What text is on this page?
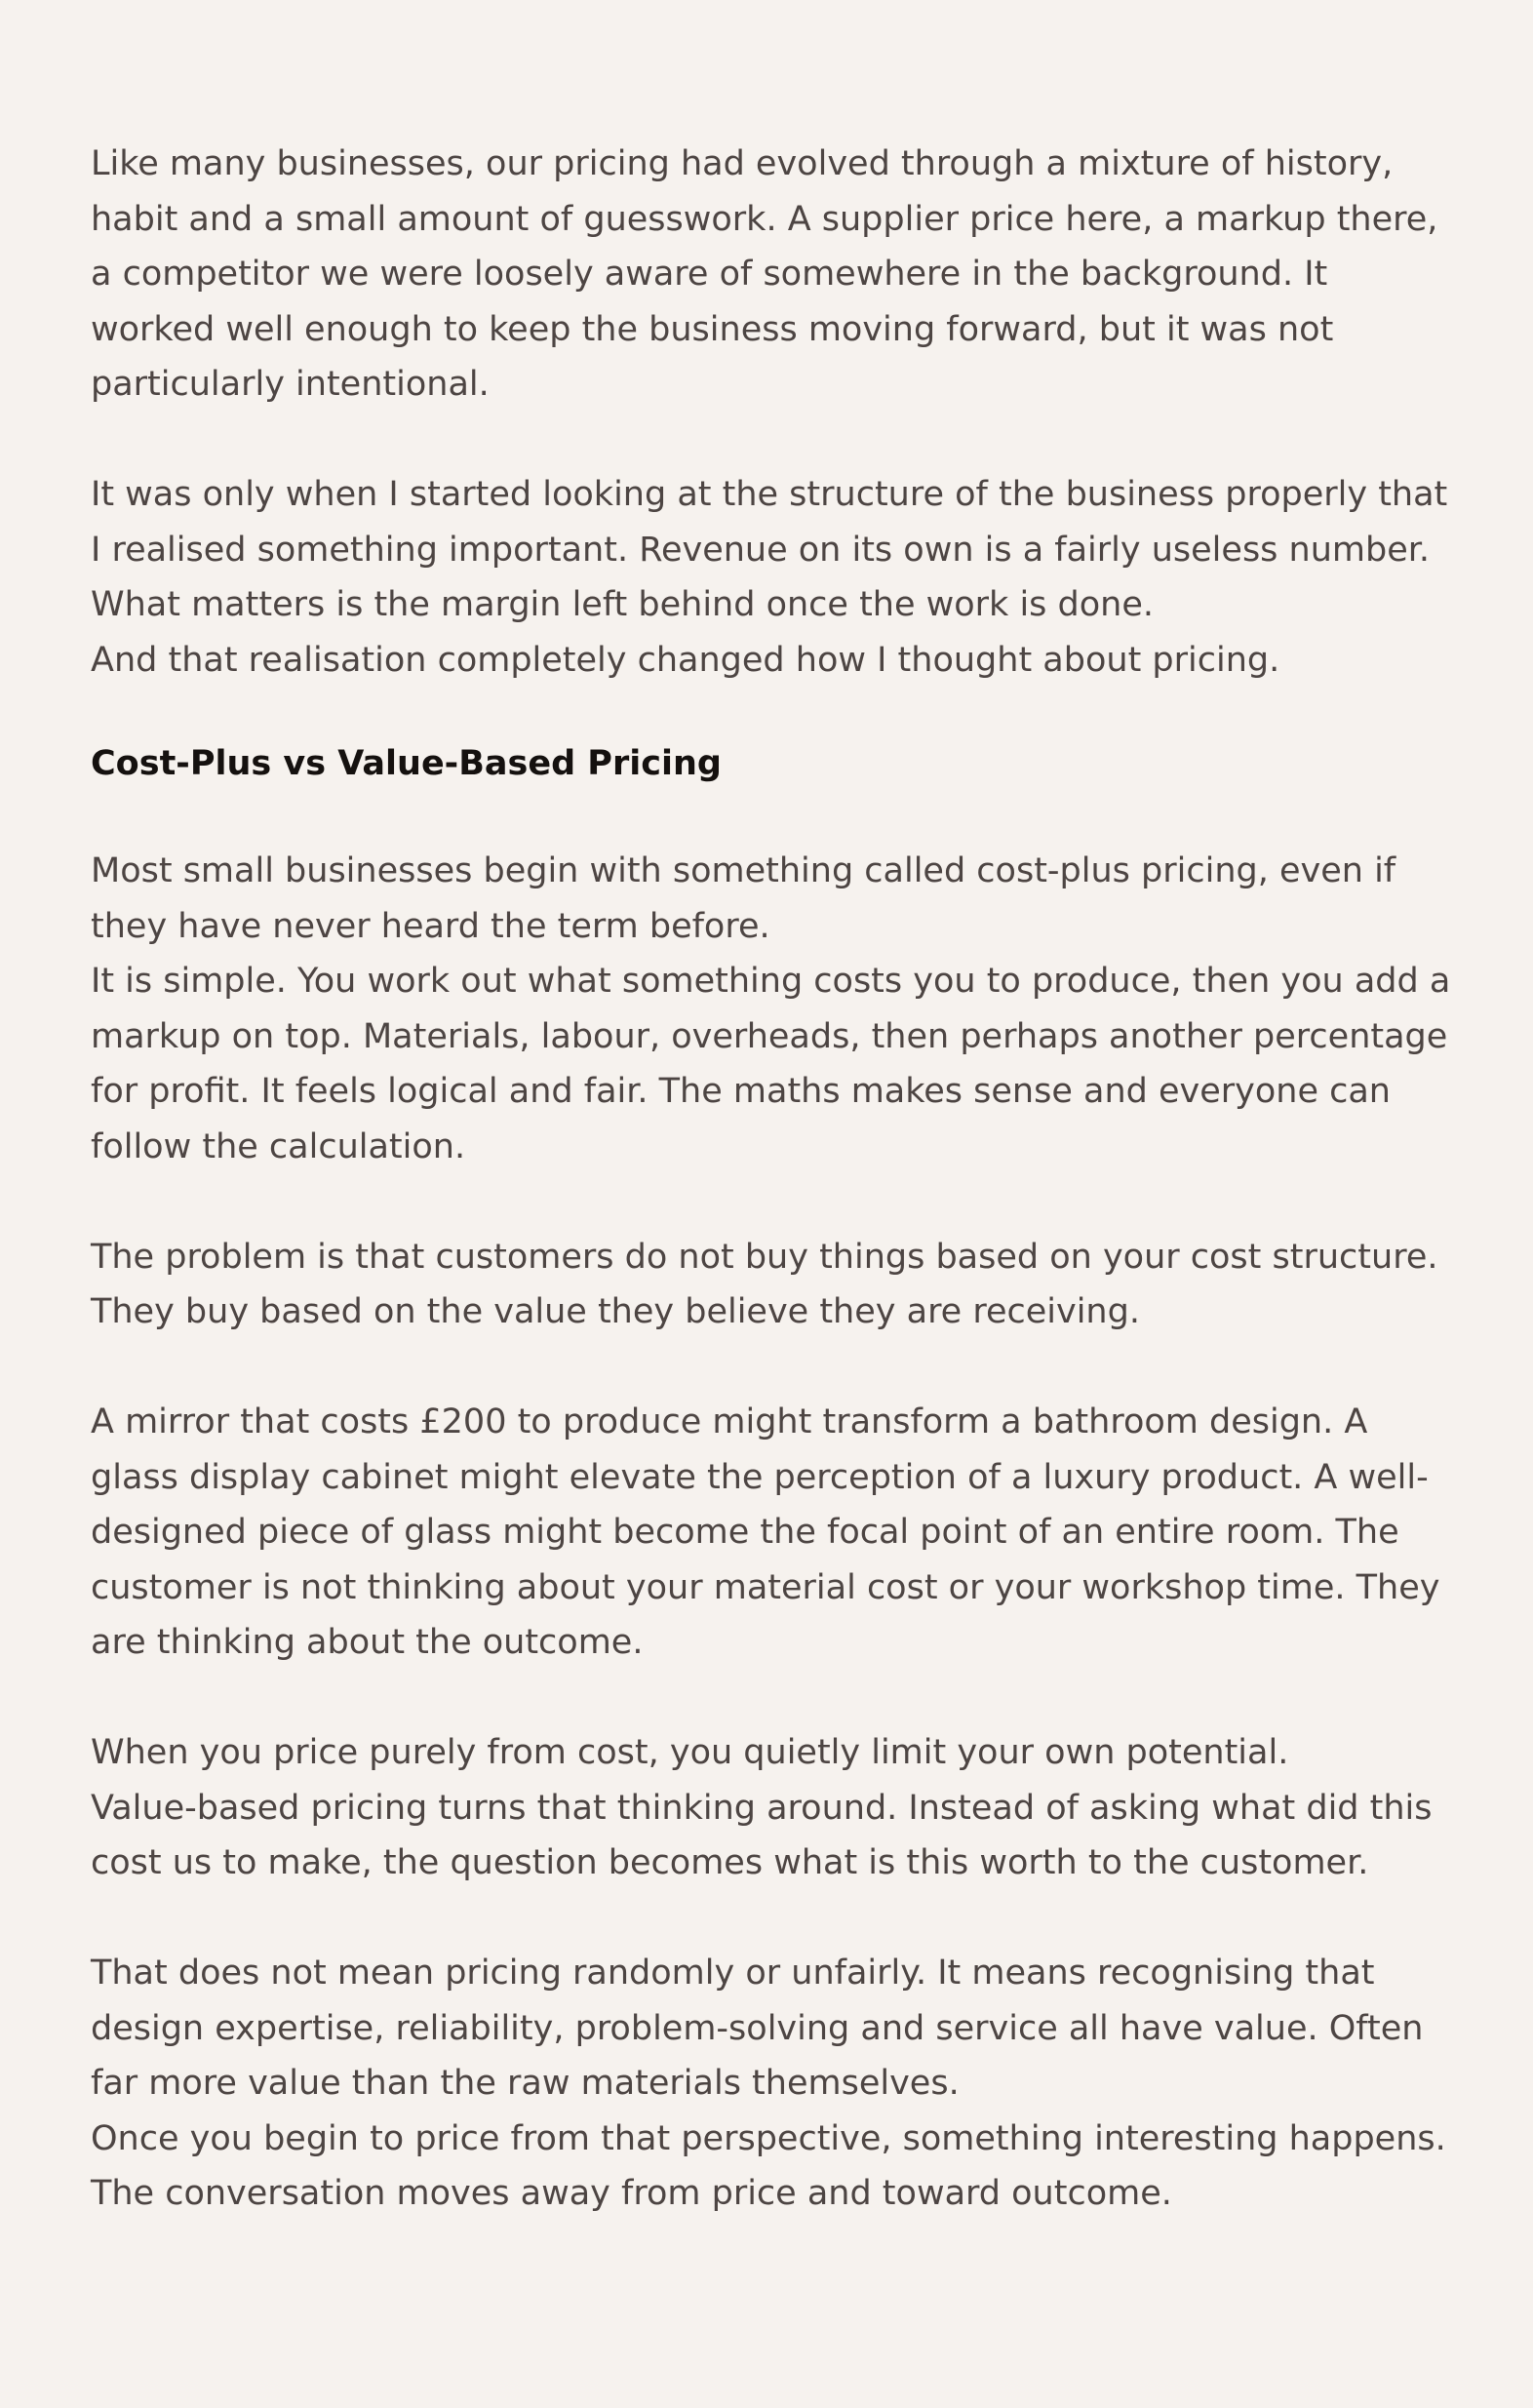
Like many businesses, our pricing had evolved through a mixture of history,
habit and a small amount of guesswork. A supplier price here, a markup there,
a competitor we were loosely aware of somewhere in the background. It
worked well enough to keep the business moving forward, but it was not
particularly intentional.
It was only when I started looking at the structure of the business properly that
I realised something important. Revenue on its own is a fairly useless number.
What matters is the margin left behind once the work is done.
And that realisation completely changed how I thought about pricing.
Cost-Plus vs Value-Based Pricing
Most small businesses begin with something called cost-plus pricing, even if
they have never heard the term before.
It is simple. You work out what something costs you to produce, then you add a
markup on top. Materials, labour, overheads, then perhaps another percentage
for profit. It feels logical and fair. The maths makes sense and everyone can
follow the calculation.
The problem is that customers do not buy things based on your cost structure.
They buy based on the value they believe they are receiving.
A mirror that costs £200 to produce might transform a bathroom design. A
glass display cabinet might elevate the perception of a luxury product. A well-
designed piece of glass might become the focal point of an entire room. The
customer is not thinking about your material cost or your workshop time. They
are thinking about the outcome.
When you price purely from cost, you quietly limit your own potential.
Value-based pricing turns that thinking around. Instead of asking what did this
cost us to make, the question becomes what is this worth to the customer.
That does not mean pricing randomly or unfairly. It means recognising that
design expertise, reliability, problem-solving and service all have value. Often
far more value than the raw materials themselves.
Once you begin to price from that perspective, something interesting happens.
The conversation moves away from price and toward outcome.
